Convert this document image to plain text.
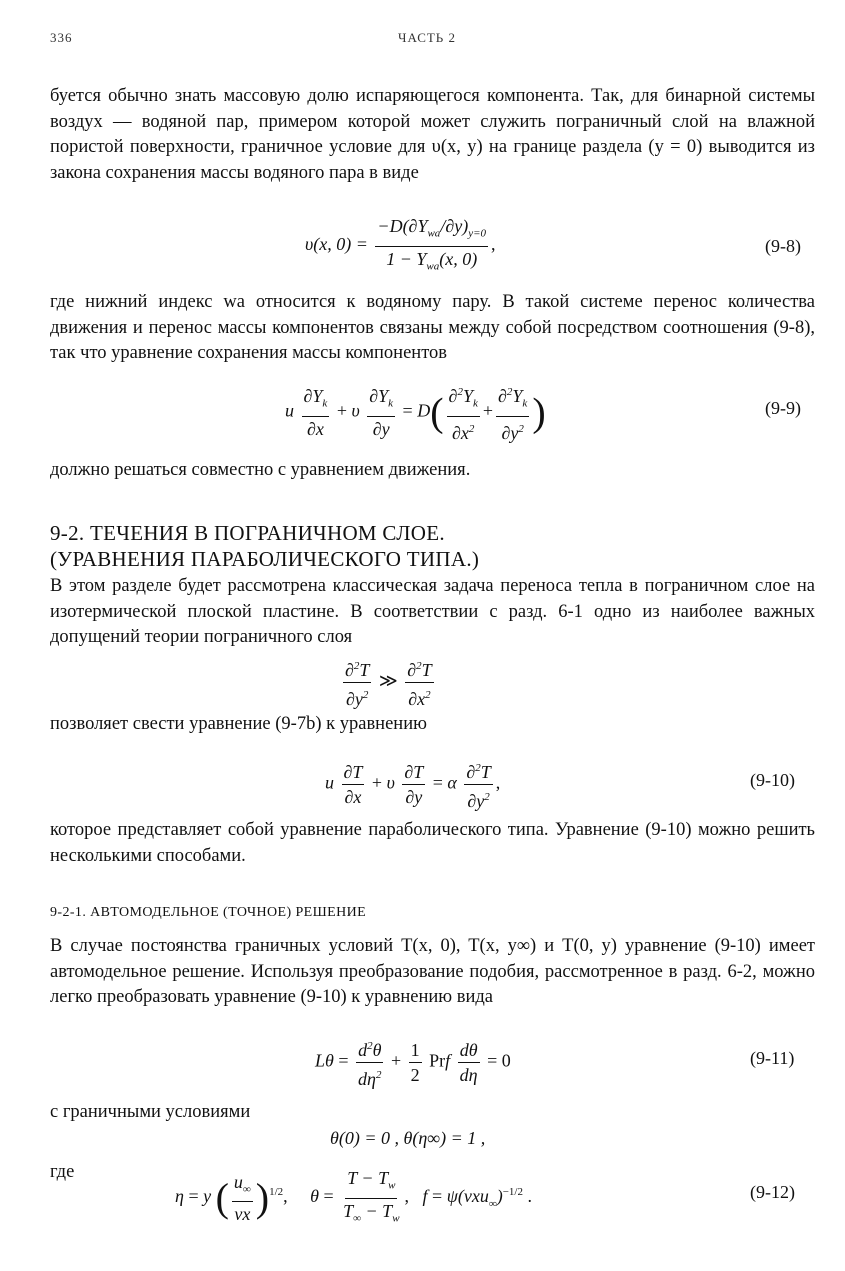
336	ЧАСТЬ 2
буется обычно знать массовую долю испаряющегося компонента. Так, для бинарной системы воздух — водяной пар, примером которой может служить пограничный слой на влажной пористой поверхности, граничное условие для υ(x, y) на границе раздела (y = 0) выводится из закона сохранения массы водяного пара в виде
υ(x, $0) = \frac{-D(\partial Y_{wa}/\partial y)_{y=0}}{1 - Y_{wa}(x, 0)}$ ,	(9-8)
где нижний индекс wa относится к водяному пару. В такой системе перенос количества движения и перенос массы компонентов связаны между собой посредством соотношения (9-8), так что уравнение сохранения массы компонентов
u $\frac{\partial Y_k}{\partial x} + \upsilon \frac{\partial Y_k}{\partial y} = D( \frac{\partial^2Y_k}{\partial x^2} + \frac{\partial^2Y_k}{\partial y^2}$ )	(9-9)
должно решаться совместно с уравнением движения.
9-2. ТЕЧЕНИЯ В ПОГРАНИЧНОМ СЛОЕ.
(УРАВНЕНИЯ ПАРАБОЛИЧЕСКОГО ТИПА.)
В этом разделе будет рассмотрена классическая задача переноса тепла в пограничном слое на изотермической плоской пластине. В соответствии с разд. 6-1 одно из наиболее важных допущений теории пограничного слоя
$\frac{\partial^2T}{\partial y^2}$ ≫ $\frac{\partial^2T}{\partial x^2}$
позволяет свести уравнение (9-7b) к уравнению
u $\frac{\partial T}{\partial x} + \upsilon \frac{\partial T}{\partial y} = \alpha \frac{\partial^2T}{\partial y^2}$ ,	(9-10)
которое представляет собой уравнение параболического типа. Уравнение (9-10) можно решить несколькими способами.
9-2-1. АВТОМОДЕЛЬНОЕ (ТОЧНОЕ) РЕШЕНИЕ
В случае постоянства граничных условий T(x, 0), T(x, y∞) и T(0, y) уравнение (9-10) имеет автомодельное решение. Используя преобразование подобия, рассмотренное в разд. 6-2, можно легко преобразовать уравнение (9-10) к уравнению вида
$L\theta = \frac{d^2\theta}{d\eta^2} + \frac{1}{2}$ Prf $\frac{d\theta}{d\eta} = 0$	(9-11)
с граничными условиями
θ(0) = 0 , θ(η∞) = 1 ,
где
η = y ( $\frac{u_\infty}{\nu x} )^{1/2}$, $\theta = \frac{T - T_w}{T_\infty - T_w}$ , $f = \psi(\nu xu_\infty)^{-1/2}$ .	(9-12)
